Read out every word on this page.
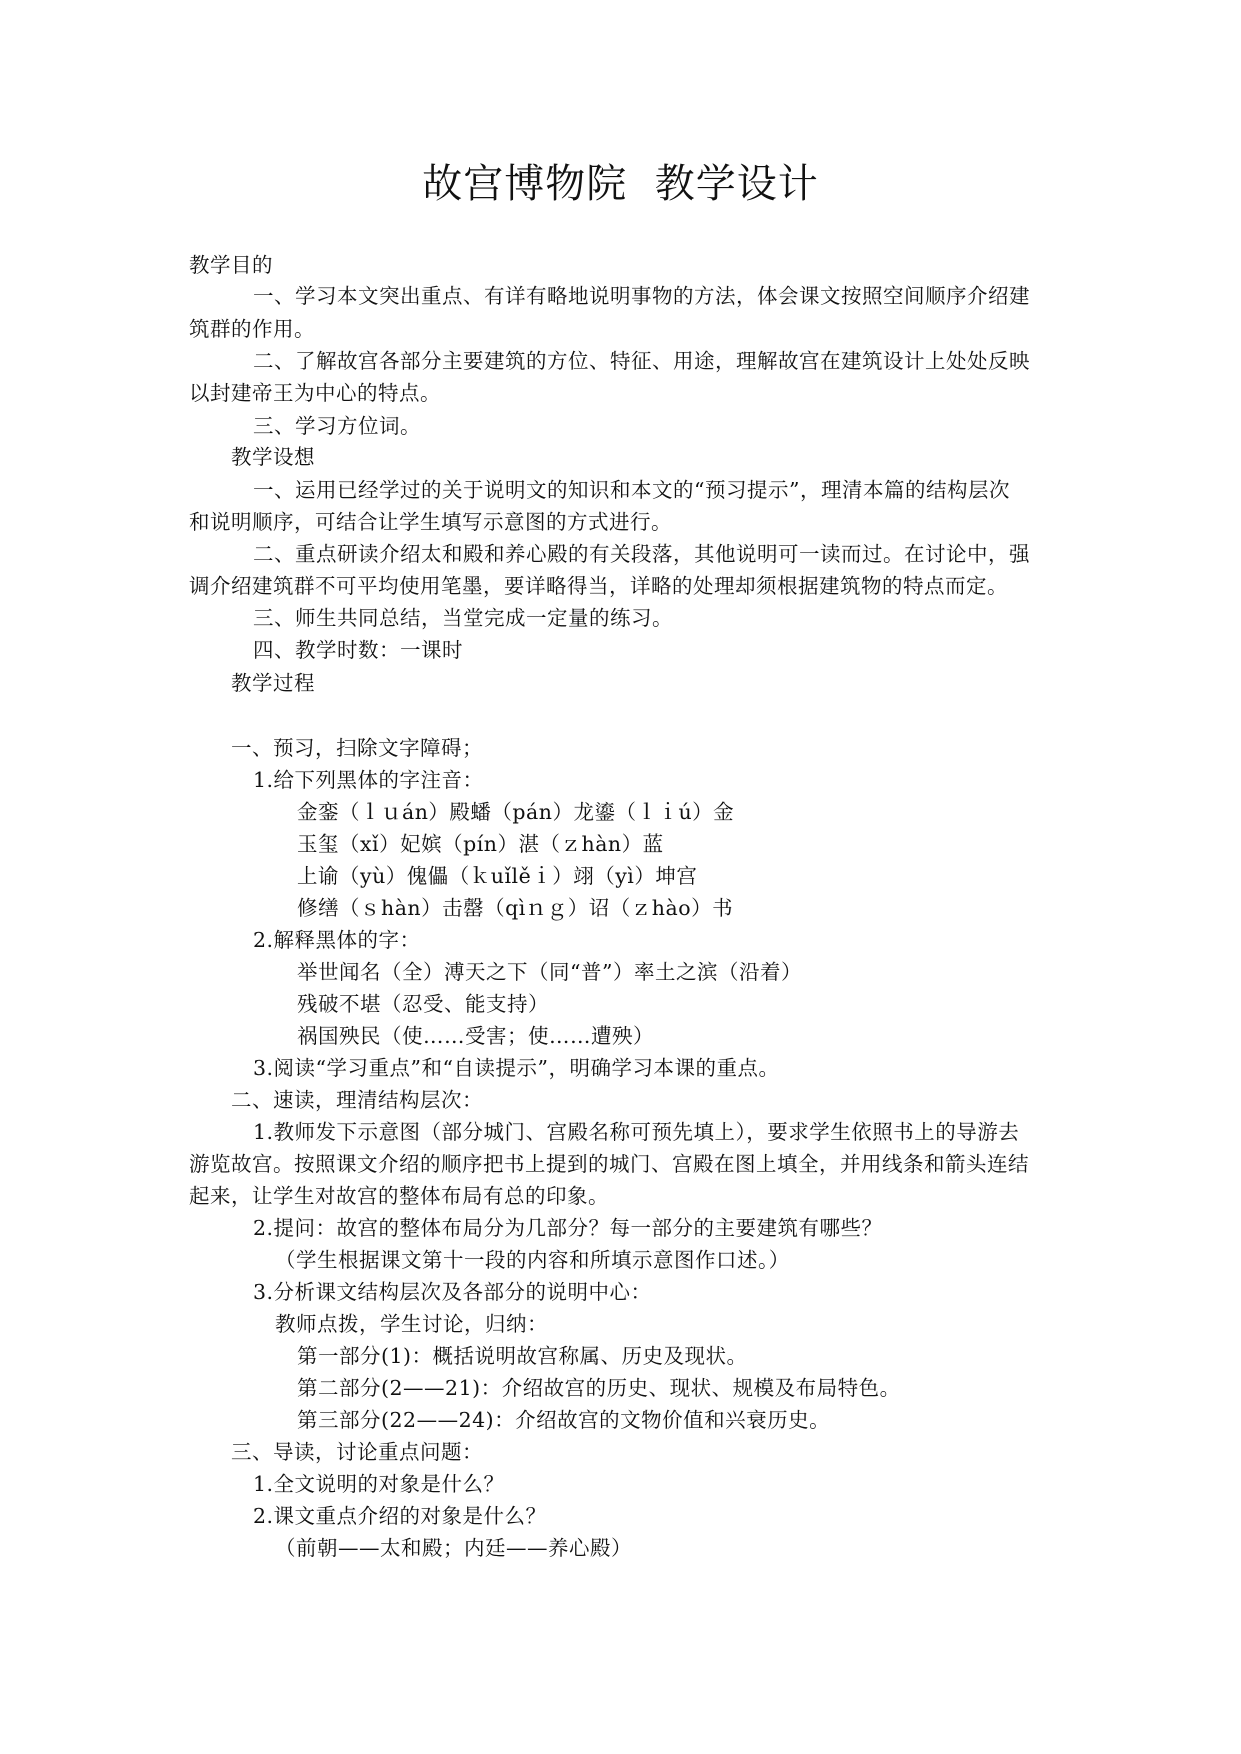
故宫博物院  教学设计
教学目的
一、学习本文突出重点、有详有略地说明事物的方法，体会课文按照空间顺序介绍建
筑群的作用。
二、了解故宫各部分主要建筑的方位、特征、用途，理解故宫在建筑设计上处处反映
以封建帝王为中心的特点。
三、学习方位词。
教学设想
一、运用已经学过的关于说明文的知识和本文的“预习提示”，理清本篇的结构层次
和说明顺序，可结合让学生填写示意图的方式进行。
二、重点研读介绍太和殿和养心殿的有关段落，其他说明可一读而过。在讨论中，强
调介绍建筑群不可平均使用笔墨，要详略得当，详略的处理却须根据建筑物的特点而定。
三、师生共同总结，当堂完成一定量的练习。
四、教学时数：一课时
教学过程
一、预习，扫除文字障碍；
1.给下列黑体的字注音：
金銮（ｌｕán）殿蟠（pán）龙鎏（ｌｉú）金
玉玺（xǐ）妃嫔（pín）湛（ｚhàn）蓝
上谕（yù）傀儡（ｋuǐlěｉ）翊（yì）坤宫
修缮（ｓhàn）击罄（qìｎｇ）诏（ｚhào）书
2.解释黑体的字：
举世闻名（全）溥天之下（同“普”）率土之滨（沿着）
残破不堪（忍受、能支持）
祸国殃民（使……受害；使……遭殃）
3.阅读“学习重点”和“自读提示”，明确学习本课的重点。
二、速读，理清结构层次：
1.教师发下示意图（部分城门、宫殿名称可预先填上），要求学生依照书上的导游去
游览故宫。按照课文介绍的顺序把书上提到的城门、宫殿在图上填全，并用线条和箭头连结
起来，让学生对故宫的整体布局有总的印象。
2.提问：故宫的整体布局分为几部分？每一部分的主要建筑有哪些？
（学生根据课文第十一段的内容和所填示意图作口述。）
3.分析课文结构层次及各部分的说明中心：
教师点拨，学生讨论，归纳：
第一部分(1)：概括说明故宫称属、历史及现状。
第二部分(2——21)：介绍故宫的历史、现状、规模及布局特色。
第三部分(22——24)：介绍故宫的文物价值和兴衰历史。
三、导读，讨论重点问题：
1.全文说明的对象是什么？
2.课文重点介绍的对象是什么？
（前朝——太和殿；内廷——养心殿）
